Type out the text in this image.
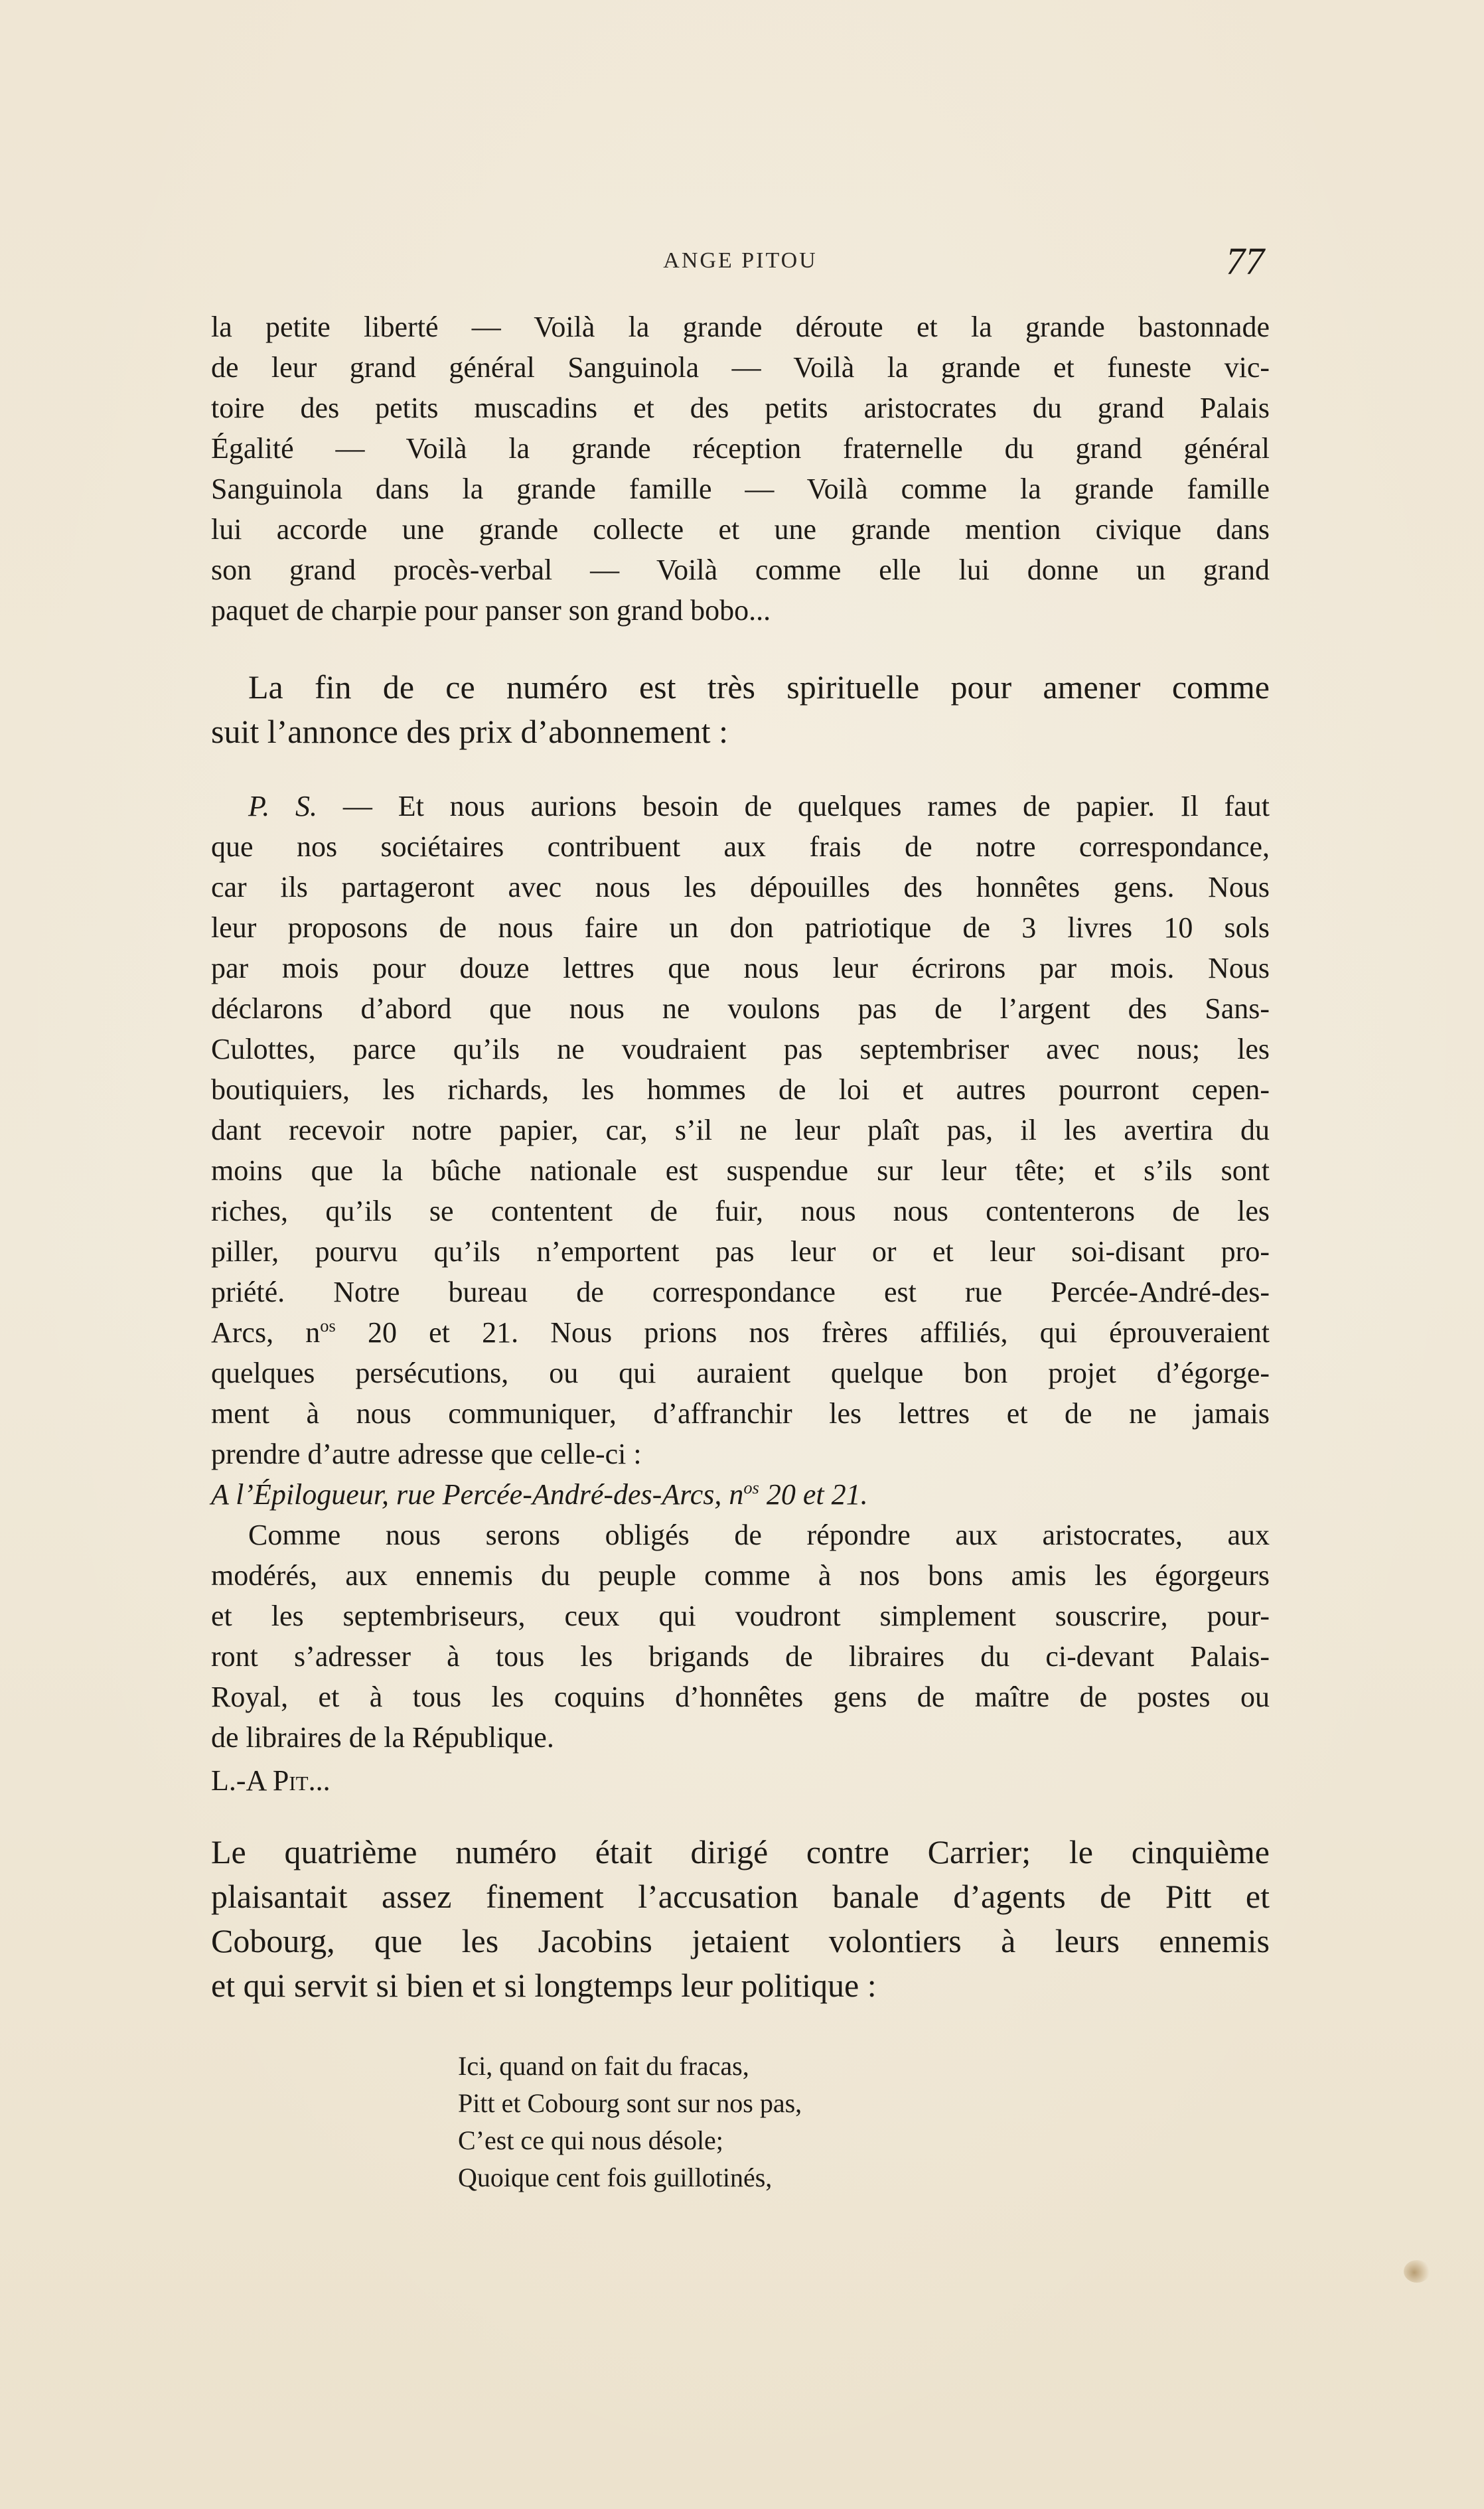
ANGE PITOU	77
la petite liberté — Voilà la grande déroute et la grande bastonnade
de leur grand général Sanguinola — Voilà la grande et funeste vic-
toire des petits muscadins et des petits aristocrates du grand Palais
Égalité — Voilà la grande réception fraternelle du grand général
Sanguinola dans la grande famille — Voilà comme la grande famille
lui accorde une grande collecte et une grande mention civique dans
son grand procès-verbal — Voilà comme elle lui donne un grand
paquet de charpie pour panser son grand bobo...
La fin de ce numéro est très spirituelle pour amener comme
suit l’annonce des prix d’abonnement :
P. S. — Et nous aurions besoin de quelques rames de papier. Il faut
que nos sociétaires contribuent aux frais de notre correspondance,
car ils partageront avec nous les dépouilles des honnêtes gens. Nous
leur proposons de nous faire un don patriotique de 3 livres 10 sols
par mois pour douze lettres que nous leur écrirons par mois. Nous
déclarons d’abord que nous ne voulons pas de l’argent des Sans-
Culottes, parce qu’ils ne voudraient pas septembriser avec nous; les
boutiquiers, les richards, les hommes de loi et autres pourront cepen-
dant recevoir notre papier, car, s’il ne leur plaît pas, il les avertira du
moins que la bûche nationale est suspendue sur leur tête; et s’ils sont
riches, qu’ils se contentent de fuir, nous nous contenterons de les
piller, pourvu qu’ils n’emportent pas leur or et leur soi-disant pro-
priété. Notre bureau de correspondance est rue Percée-André-des-
Arcs, $n^{os}$ 20 et 21. Nous prions nos frères affiliés, qui éprouveraient
quelques persécutions, ou qui auraient quelque bon projet d’égorge-
ment à nous communiquer, d’affranchir les lettres et de ne jamais
prendre d’autre adresse que celle-ci :
A l’Épilogueur, rue Percée-André-des-Arcs, $n^{os}$ 20 et 21.
Comme nous serons obligés de répondre aux aristocrates, aux
modérés, aux ennemis du peuple comme à nos bons amis les égorgeurs
et les septembriseurs, ceux qui voudront simplement souscrire, pour-
ront s’adresser à tous les brigands de libraires du ci-devant Palais-
Royal, et à tous les coquins d’honnêtes gens de maître de postes ou
de libraires de la République.
L.-A Pit...
Le quatrième numéro était dirigé contre Carrier; le cinquième
plaisantait assez finement l’accusation banale d’agents de Pitt et
Cobourg, que les Jacobins jetaient volontiers à leurs ennemis
et qui servit si bien et si longtemps leur politique :
Ici, quand on fait du fracas,
Pitt et Cobourg sont sur nos pas,
C’est ce qui nous désole;
Quoique cent fois guillotinés,
